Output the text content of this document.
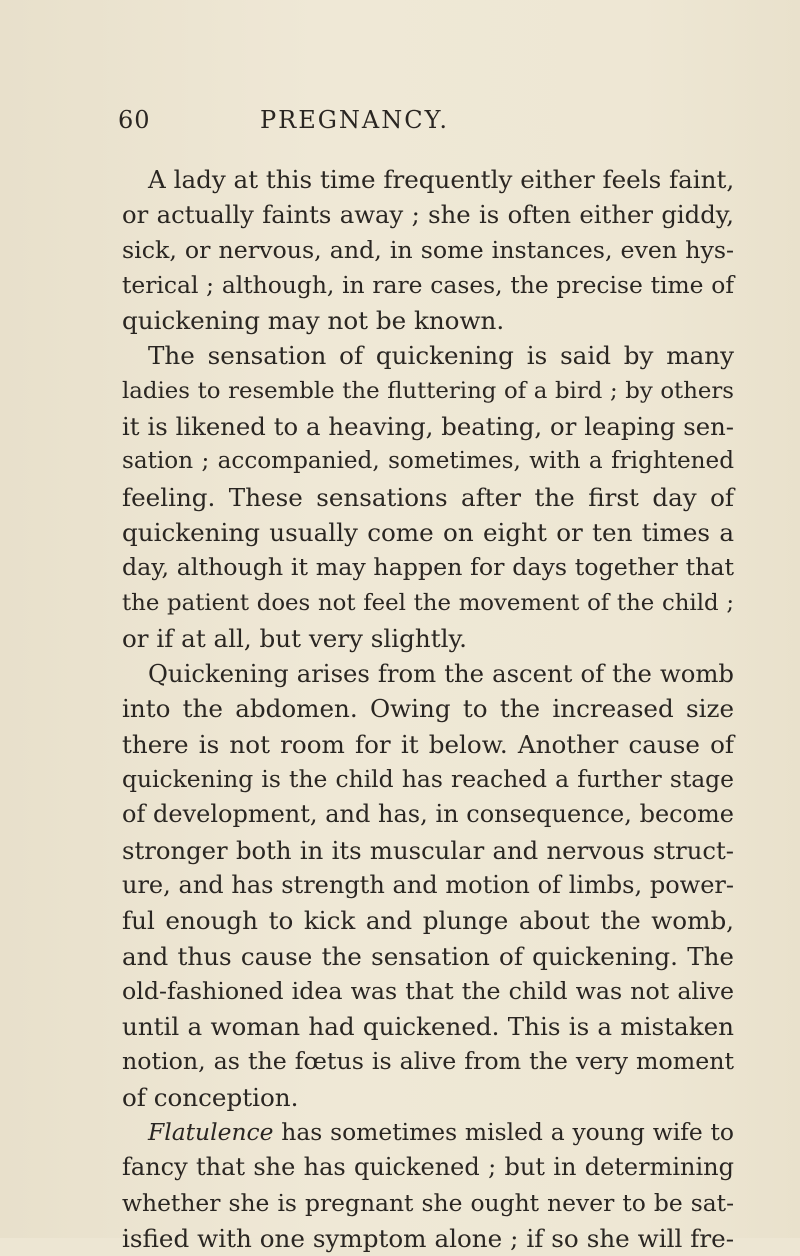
60	PREGNANCY.
A lady at this time frequently either feels faint,
or actually faints away ; she is often either giddy,
sick, or nervous, and, in some instances, even hys-
terical ; although, in rare cases, the precise time of
quickening may not be known.
The sensation of quickening is said by many
ladies to resemble the fluttering of a bird ; by others
it is likened to a heaving, beating, or leaping sen-
sation ; accompanied, sometimes, with a frightened
feeling. These sensations after the first day of
quickening usually come on eight or ten times a
day, although it may happen for days together that
the patient does not feel the movement of the child ;
or if at all, but very slightly.
Quickening arises from the ascent of the womb
into the abdomen. Owing to the increased size
there is not room for it below. Another cause of
quickening is the child has reached a further stage
of development, and has, in consequence, become
stronger both in its muscular and nervous struct-
ure, and has strength and motion of limbs, power-
ful enough to kick and plunge about the womb,
and thus cause the sensation of quickening. The
old-fashioned idea was that the child was not alive
until a woman had quickened. This is a mistaken
notion, as the fœtus is alive from the very moment
of conception.
Flatulence has sometimes misled a young wife to
fancy that she has quickened ; but in determining
whether she is pregnant she ought never to be sat-
isfied with one symptom alone ; if so she will fre-
